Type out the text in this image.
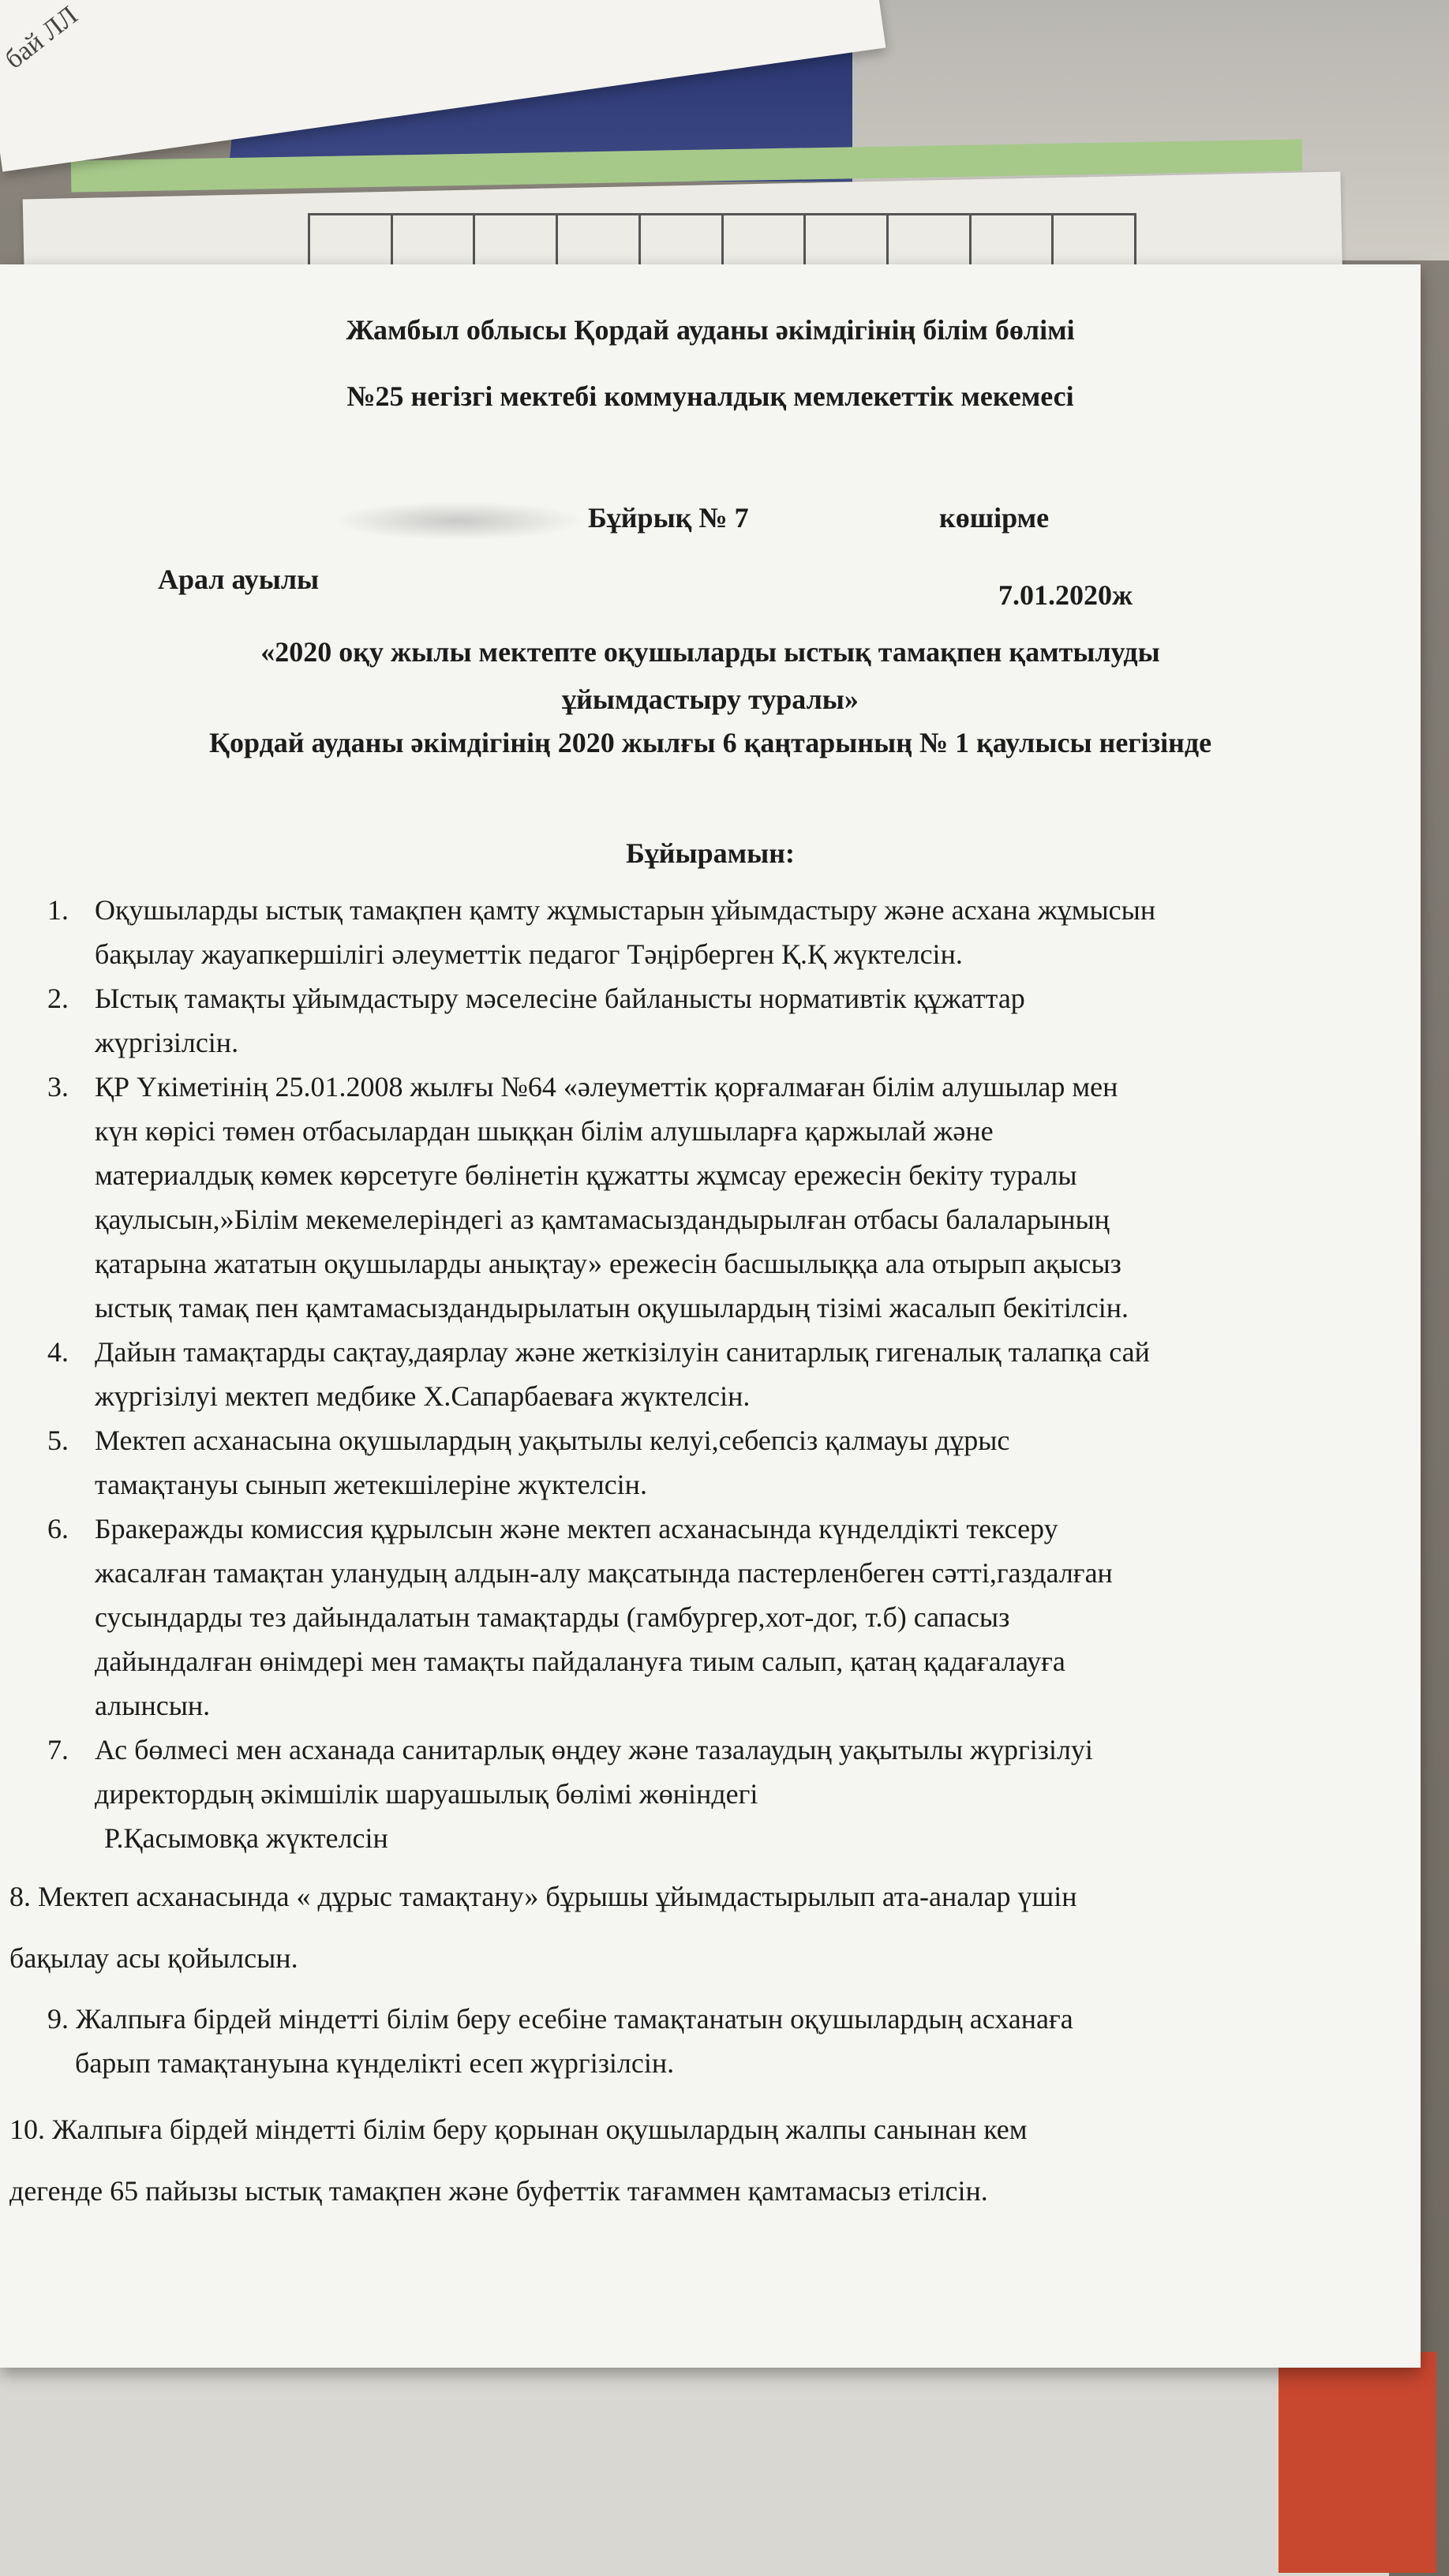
бай ЛЛ
Жамбыл облысы Қордай ауданы әкімдігінің білім бөлімі
№25 негізгі мектебі коммуналдық мемлекеттік мекемесі
Бұйрық № 7	көшірме
Арал ауылы	7.01.2020ж
«2020 оқу жылы мектепте оқушыларды ыстық тамақпен қамтылуды
ұйымдастыру туралы»
Қордай ауданы әкімдігінің 2020 жылғы 6 қаңтарының № 1 қаулысы негізінде
Бұйырамын:
1. Оқушыларды ыстық тамақпен қамту жұмыстарын ұйымдастыру және асхана жұмысын
бақылау жауапкершілігі әлеуметтік педагог Тәңірберген Қ.Қ жүктелсін.
2. Ыстық тамақты ұйымдастыру мәселесіне байланысты нормативтік құжаттар
жүргізілсін.
3. ҚР Үкіметінің 25.01.2008 жылғы №64 «әлеуметтік қорғалмаған білім алушылар мен
күн көрісі төмен отбасылардан шыққан білім алушыларға қаржылай және
материалдық көмек көрсетуге бөлінетін құжатты жұмсау ережесін бекіту туралы
қаулысын,»Білім мекемелеріндегі аз қамтамасыздандырылған отбасы балаларының
қатарына жататын оқушыларды анықтау» ережесін басшылыққа ала отырып ақысыз
ыстық тамақ пен қамтамасыздандырылатын оқушылардың тізімі жасалып бекітілсін.
4. Дайын тамақтарды сақтау,даярлау және жеткізілуін санитарлық гигеналық талапқа сай
жүргізілуі мектеп медбике Х.Сапарбаеваға жүктелсін.
5. Мектеп асханасына оқушылардың уақытылы келуі,себепсіз қалмауы дұрыс
тамақтануы сынып жетекшілеріне жүктелсін.
6. Бракеражды комиссия құрылсын және мектеп асханасында күнделдікті тексеру
жасалған тамақтан уланудың алдын-алу мақсатында пастерленбеген сәтті,газдалған
сусындарды тез дайындалатын тамақтарды (гамбургер,хот-дог, т.б) сапасыз
дайындалған өнімдері мен тамақты пайдалануға тиым салып, қатаң қадағалауға
алынсын.
7. Ас бөлмесі мен асханада санитарлық өңдеу және тазалаудың уақытылы жүргізілуі
директордың әкімшілік шаруашылық бөлімі жөніндегі
Р.Қасымовқа жүктелсін
8. Мектеп асханасында « дұрыс тамақтану» бұрышы ұйымдастырылып ата-аналар үшін
бақылау асы қойылсын.
9. Жалпыға бірдей міндетті білім беру есебіне тамақтанатын оқушылардың асханаға
барып тамақтануына күнделікті есеп жүргізілсін.
10. Жалпыға бірдей міндетті білім беру қорынан оқушылардың жалпы санынан кем
дегенде 65 пайызы ыстық тамақпен және буфеттік тағаммен қамтамасыз етілсін.
